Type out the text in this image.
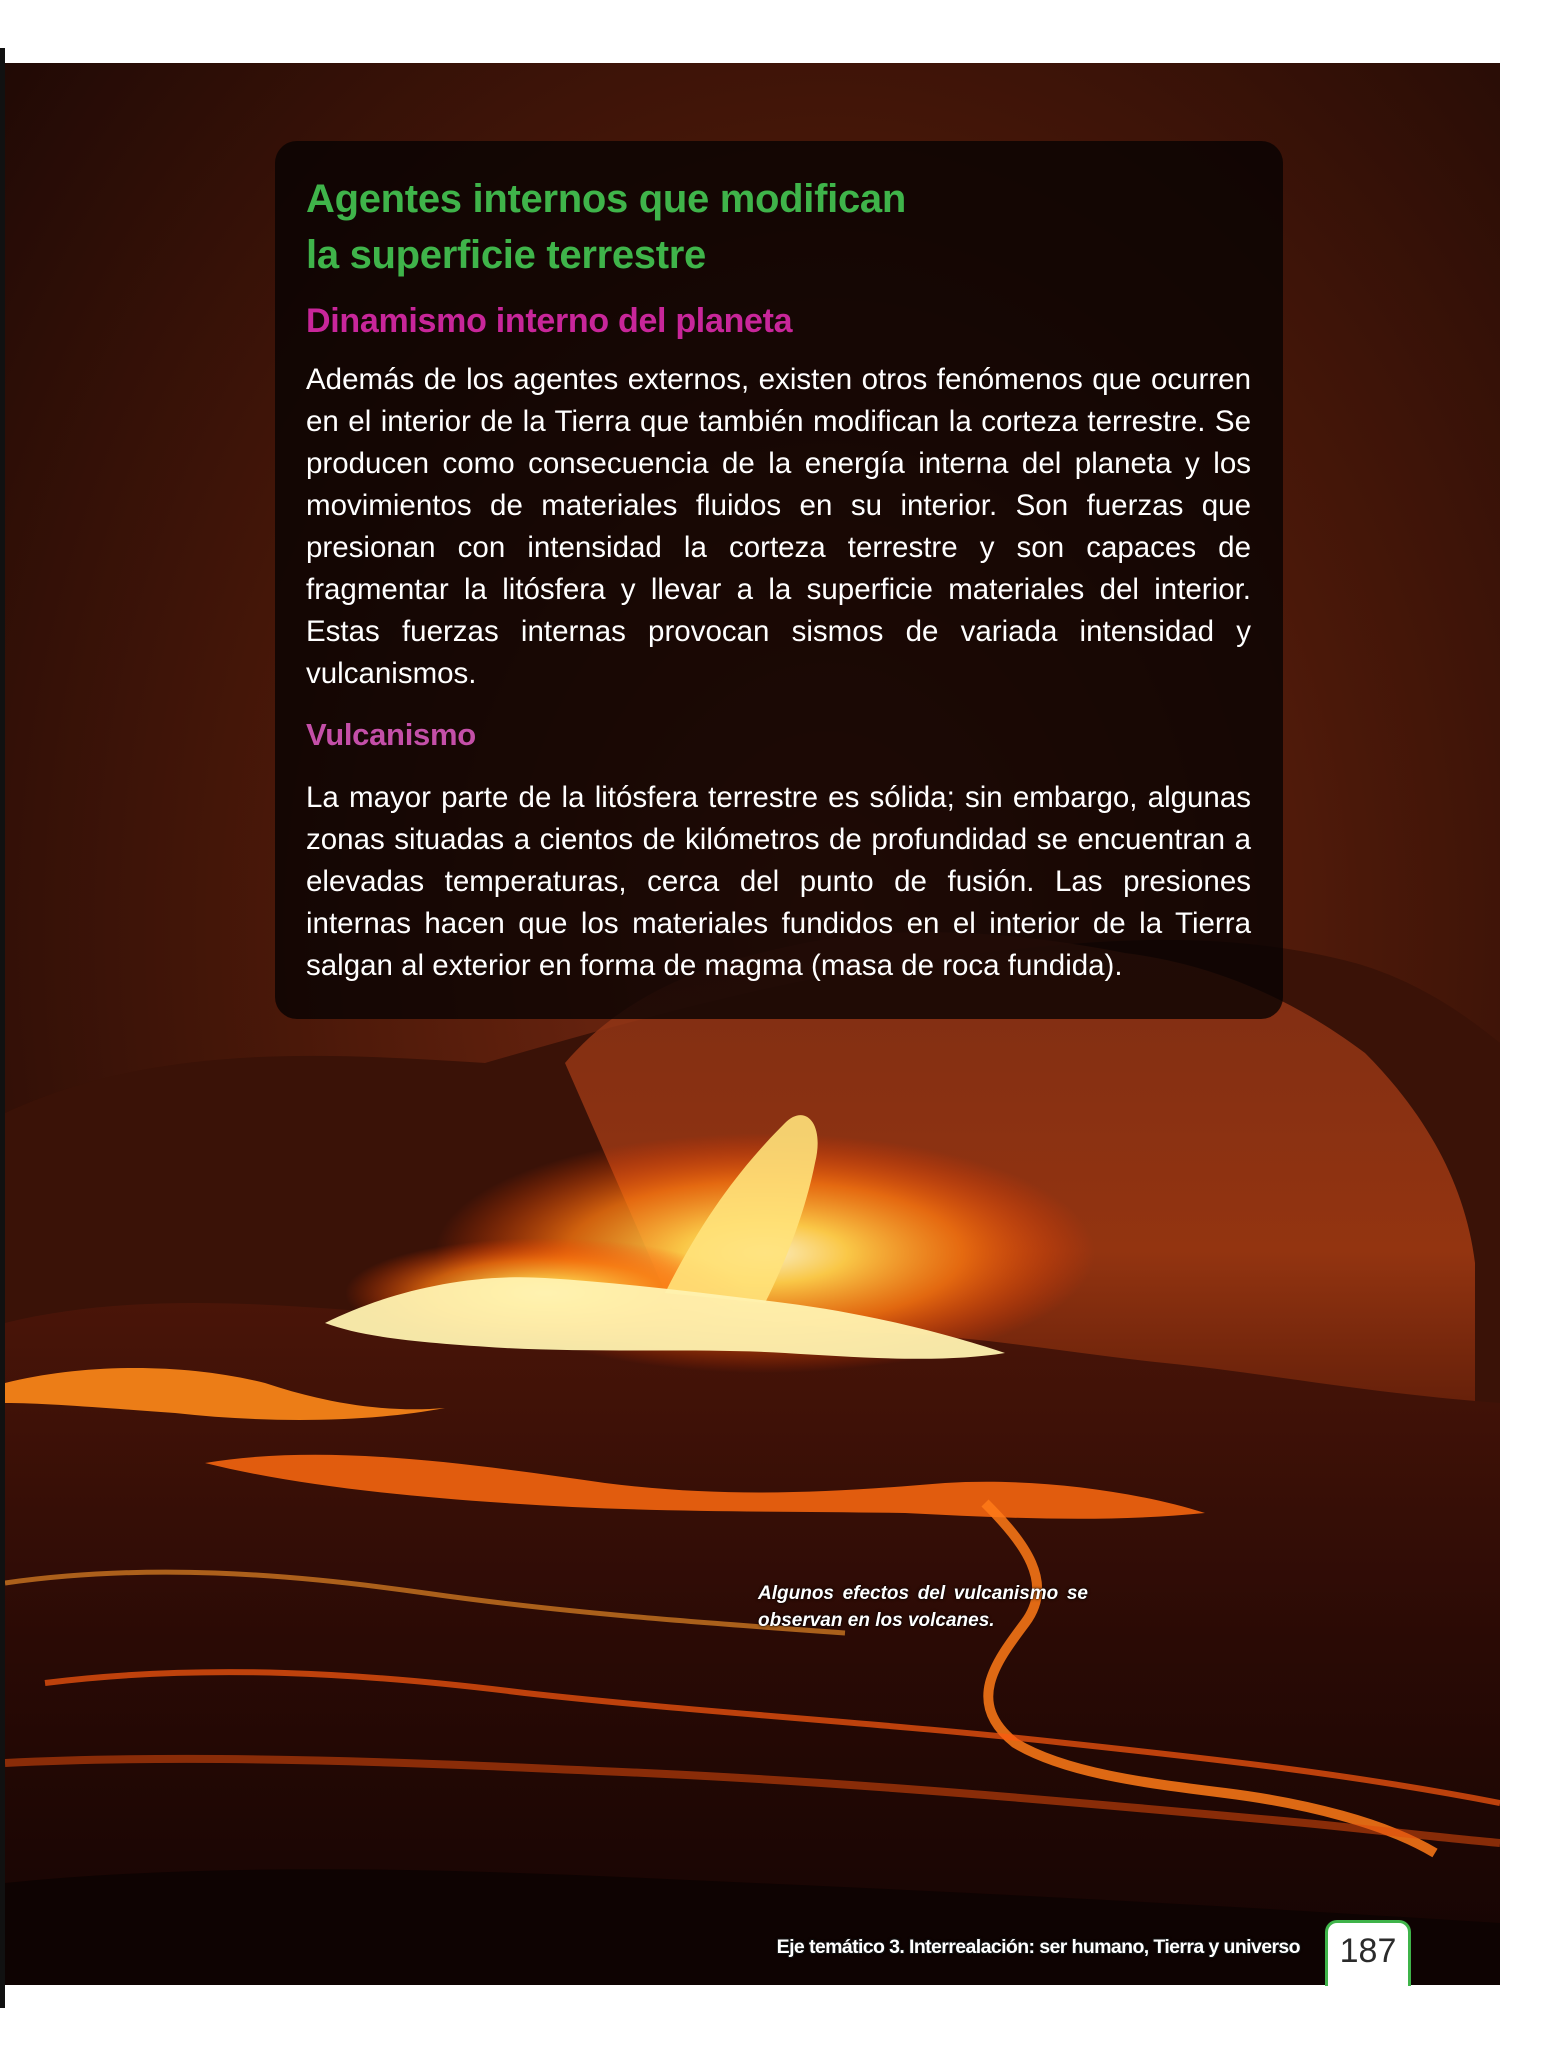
Agentes internos que modifican
la superficie terrestre
Dinamismo interno del planeta

Además de los agentes externos, existen otros fenómenos que ocurren en el interior de la Tierra que también modifican la corteza terrestre. Se producen como consecuencia de la energía interna del planeta y los movimientos de materiales fluidos en su interior. Son fuerzas que presionan con intensidad la corteza terrestre y son capaces de fragmentar la litósfera y llevar a la superficie materiales del interior. Estas fuerzas internas provocan sismos de variada intensidad y vulcanismos.

Vulcanismo

La mayor parte de la litósfera terrestre es sólida; sin embargo, algunas zonas situadas a cientos de kilómetros de profundidad se encuentran a elevadas temperaturas, cerca del punto de fusión. Las presiones internas hacen que los materiales fundidos en el interior de la Tierra salgan al exterior en forma de magma (masa de roca fundida).

Algunos efectos del vulcanismo se observan en los volcanes.
Eje temático 3. Interrealación: ser humano, Tierra y universo	187
